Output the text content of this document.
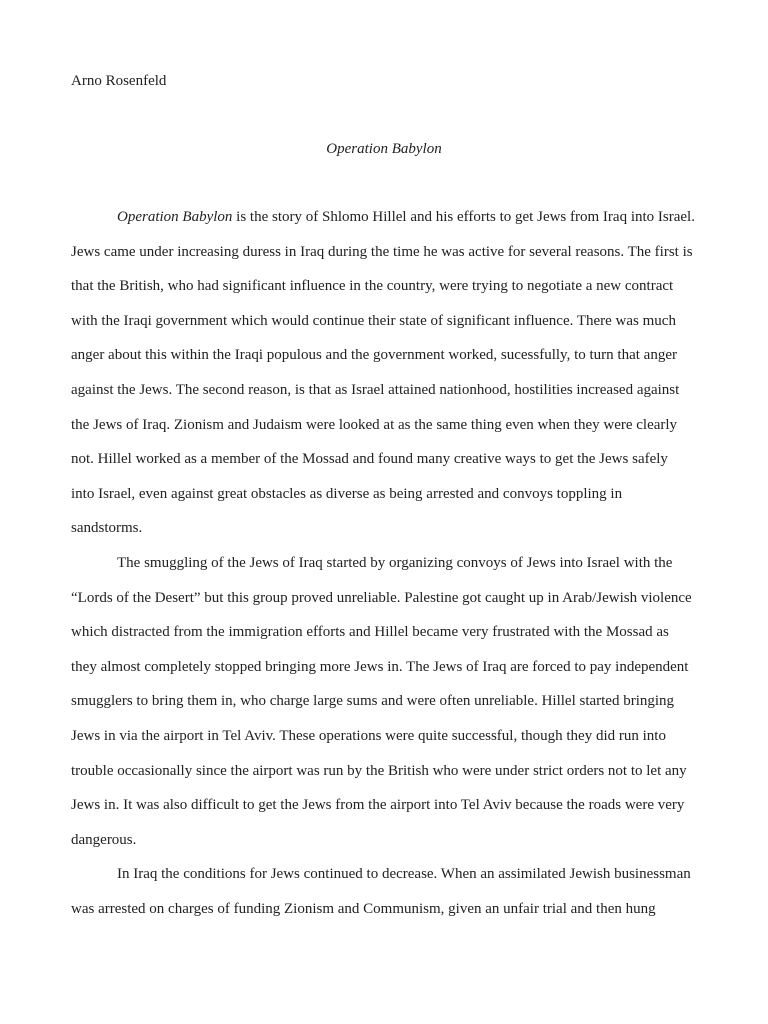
Arno Rosenfeld
Operation Babylon
Operation Babylon is the story of Shlomo Hillel and his efforts to get Jews from Iraq into Israel.
Jews came under increasing duress in Iraq during the time he was active for several reasons. The first is
that the British, who had significant influence in the country, were trying to negotiate a new contract
with the Iraqi government which would continue their state of significant influence. There was much
anger about this within the Iraqi populous and the government worked, sucessfully, to turn that anger
against the Jews. The second reason, is that as Israel attained nationhood, hostilities increased against
the Jews of Iraq. Zionism and Judaism were looked at as the same thing even when they were clearly
not. Hillel worked as a member of the Mossad and found many creative ways to get the Jews safely
into Israel, even against great obstacles as diverse as being arrested and convoys toppling in
sandstorms.
The smuggling of the Jews of Iraq started by organizing convoys of Jews into Israel with the
“Lords of the Desert” but this group proved unreliable. Palestine got caught up in Arab/Jewish violence
which distracted from the immigration efforts and Hillel became very frustrated with the Mossad as
they almost completely stopped bringing more Jews in. The Jews of Iraq are forced to pay independent
smugglers to bring them in, who charge large sums and were often unreliable. Hillel started bringing
Jews in via the airport in Tel Aviv. These operations were quite successful, though they did run into
trouble occasionally since the airport was run by the British who were under strict orders not to let any
Jews in. It was also difficult to get the Jews from the airport into Tel Aviv because the roads were very
dangerous.
In Iraq the conditions for Jews continued to decrease. When an assimilated Jewish businessman
was arrested on charges of funding Zionism and Communism, given an unfair trial and then hung
